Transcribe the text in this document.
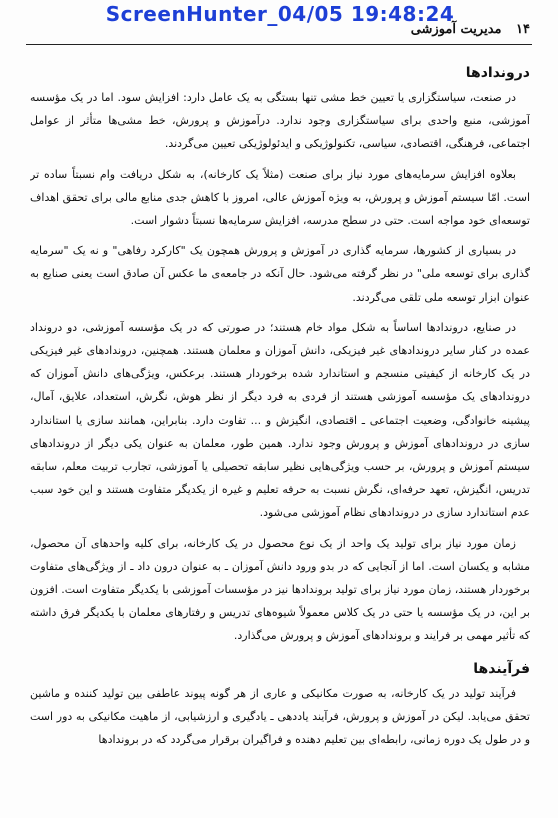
ScreenHunter_04/05 19:48:24
۱۴ مدیریت آموزشی
دروندادها

در صنعت، سیاستگزاری یا تعیین خط مشی تنها بستگی به یک عامل دارد: افزایش سود. اما در یک مؤسسه آموزشی، منبع واحدی برای سیاستگزاری وجود ندارد. درآموزش و پرورش، خط مشی‌ها متأثر از عوامل اجتماعی، فرهنگی، اقتصادی، سیاسی، تکنولوژیکی و ایدئولوژیکی تعیین می‌گردند.

بعلاوه افزایش سرمایه‌های مورد نیاز برای صنعت (مثلاً یک کارخانه)، به شکل دریافت وام نسبتاً ساده تر است. امّا سیستم آموزش و پرورش، به ویژه آموزش عالی، امروز با کاهش جدی منابع مالی برای تحقق اهداف توسعه‌ای خود مواجه است. حتی در سطح مدرسه، افزایش سرمایه‌ها نسبتاً دشوار است.

در بسیاری از کشورها، سرمایه گذاری در آموزش و پرورش همچون یک "کارکرد رفاهی" و نه یک "سرمایه گذاری برای توسعه ملی" در نظر گرفته می‌شود. حال آنکه در جامعه‌ی ما عکس آن صادق است یعنی صنایع به عنوان ابزار توسعه ملی تلقی می‌گردند.

در صنایع، دروندادها اساساً به شکل مواد خام هستند؛ در صورتی که در یک مؤسسه آموزشی، دو درونداد عمده در کنار سایر دروندادهای غیر فیزیکی، دانش آموزان و معلمان هستند. همچنین، دروندادهای غیر فیزیکی در یک کارخانه از کیفیتی منسجم و استاندارد شده برخوردار هستند. برعکس، ویژگی‌های دانش آموزان که دروندادهای یک مؤسسه آموزشی هستند از فردی به فرد دیگر از نظر هوش، نگرش، استعداد، علایق، آمال، پیشینه خانوادگی، وضعیت اجتماعی ـ اقتصادی، انگیزش و ... تفاوت دارد. بنابراین، همانند سازی یا استاندارد سازی در دروندادهای آموزش و پرورش وجود ندارد. همین طور، معلمان به عنوان یکی دیگر از دروندادهای سیستم آموزش و پرورش، بر حسب ویژگی‌هایی نظیر سابقه تحصیلی یا آموزشی، تجارب تربیت معلم، سابقه تدریس، انگیزش، تعهد حرفه‌ای، نگرش نسبت به حرفه تعلیم و غیره از یکدیگر متفاوت هستند و این خود سبب عدم استاندارد سازی در دروندادهای نظام آموزشی می‌شود.

زمان مورد نیاز برای تولید یک واحد از یک نوع محصول در یک کارخانه، برای کلیه واحدهای آن محصول، مشابه و یکسان است. اما از آنجایی که در بدو ورود دانش آموزان ـ به عنوان درون داد ـ از ویژگی‌های متفاوت برخوردار هستند، زمان مورد نیاز برای تولید بروندادها نیز در مؤسسات آموزشی با یکدیگر متفاوت است. افزون بر این، در یک مؤسسه یا حتی در یک کلاس معمولاً شیوه‌های تدریس و رفتارهای معلمان با یکدیگر فرق داشته که تأثیر مهمی بر فرایند و بروندادهای آموزش و پرورش می‌گذارد.

فرآیندها

فرآیند تولید در یک کارخانه، به صورت مکانیکی و عاری از هر گونه پیوند عاطفی بین تولید کننده و ماشین تحقق می‌یابد. لیکن در آموزش و پرورش، فرآیند یاددهی ـ یادگیری و ارزشیابی، از ماهیت مکانیکی به دور است و در طول یک دوره زمانی، رابطه‌ای بین تعلیم دهنده و فراگیران برقرار می‌گردد که در بروندادها
